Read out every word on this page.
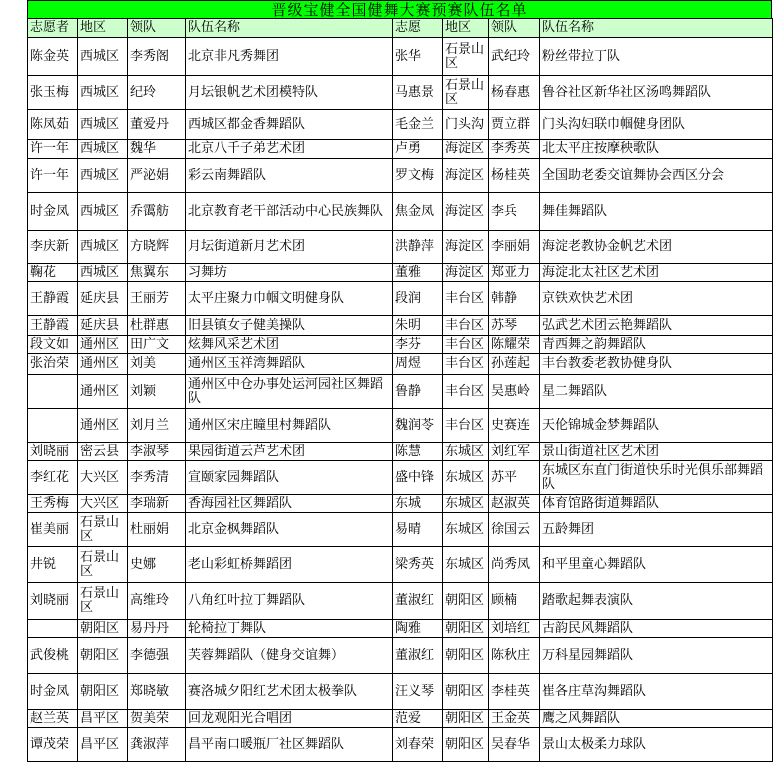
晋级宝健全国健舞大赛预赛队伍名单
志愿者	地区	领队	队伍名称	志愿	地区	领队	队伍名称
陈金英	西城区	李秀阁	北京非凡秀舞团	张华	石景山区	武纪玲	粉丝带拉丁队
张玉梅	西城区	纪玲	月坛银帆艺术团模特队	马惠景	石景山区	杨春惠	鲁谷社区新华社区汤鸣舞蹈队
陈凤茹	西城区	董爱丹	西城区都金香舞蹈队	毛金兰	门头沟	贾立群	门头沟妇联巾帼健身团队
许一年	西城区	魏华	北京八千子弟艺术团	卢勇	海淀区	李秀英	北太平庄按摩秧歌队
许一年	西城区	严泌娟	彩云南舞蹈队	罗文梅	海淀区	杨桂英	全国助老委交谊舞协会西区分会
时金凤	西城区	乔霭舫	北京教育老干部活动中心民族舞队	焦金凤	海淀区	李兵	舞佳舞蹈队
李庆新	西城区	方晓辉	月坛街道新月艺术团	洪静萍	海淀区	李丽娟	海淀老教协金帆艺术团
鞠花	西城区	焦翼东	习舞坊	董雅	海淀区	郑亚力	海淀北太社区艺术团
王静霞	延庆县	王丽芳	太平庄聚力巾帼文明健身队	段润	丰台区	韩静	京铁欢快艺术团
王静霞	延庆县	杜群惠	旧县镇女子健美操队	朱明	丰台区	苏琴	弘武艺术团云艳舞蹈队
段文如	通州区	田广文	炫舞风采艺术团	李芬	丰台区	陈耀荣	青西舞之韵舞蹈队
张治荣	通州区	刘美	通州区玉祥湾舞蹈队	周煜	丰台区	孙莲起	丰台教委老教协健身队
	通州区	刘颖	通州区中仓办事处运河园社区舞蹈队	鲁静	丰台区	吴惠岭	星二舞蹈队
	通州区	刘月兰	通州区宋庄瞳里村舞蹈队	魏润苓	丰台区	史赛连	天伦锦城金梦舞蹈队
刘晓丽	密云县	李淑琴	果园街道云芦艺术团	陈慧	东城区	刘红军	景山街道社区艺术团
李红花	大兴区	李秀清	宣颐家园舞蹈队	盛中锋	东城区	苏平	东城区东直门街道快乐时光俱乐部舞蹈队
王秀梅	大兴区	李瑞新	香海园社区舞蹈队	东城	东城区	赵淑英	体育馆路街道舞蹈队
崔美丽	石景山区	杜丽娟	北京金枫舞蹈队	易晴	东城区	徐国云	五龄舞团
井锐	石景山区	史娜	老山彩虹桥舞蹈团	梁秀英	东城区	尚秀凤	和平里童心舞蹈队
刘晓丽	石景山区	高维玲	八角红叶拉丁舞蹈队	董淑红	朝阳区	顾楠	踏歌起舞表演队
	朝阳区	易丹丹	轮椅拉丁舞队	陶雅	朝阳区	刘培红	古韵民风舞蹈队
武俊桃	朝阳区	李德强	芙蓉舞蹈队（健身交谊舞）	董淑红	朝阳区	陈秋庄	万科星园舞蹈队
时金凤	朝阳区	郑晓敏	赛洛城夕阳红艺术团太极拳队	汪义琴	朝阳区	李桂英	崔各庄草沟舞蹈队
赵兰英	昌平区	贺美荣	回龙观阳光合唱团	范爱	朝阳区	王金英	鹰之风舞蹈队
谭茂荣	昌平区	龚淑萍	昌平南口暖瓶厂社区舞蹈队	刘春荣	朝阳区	吴春华	景山太极柔力球队
